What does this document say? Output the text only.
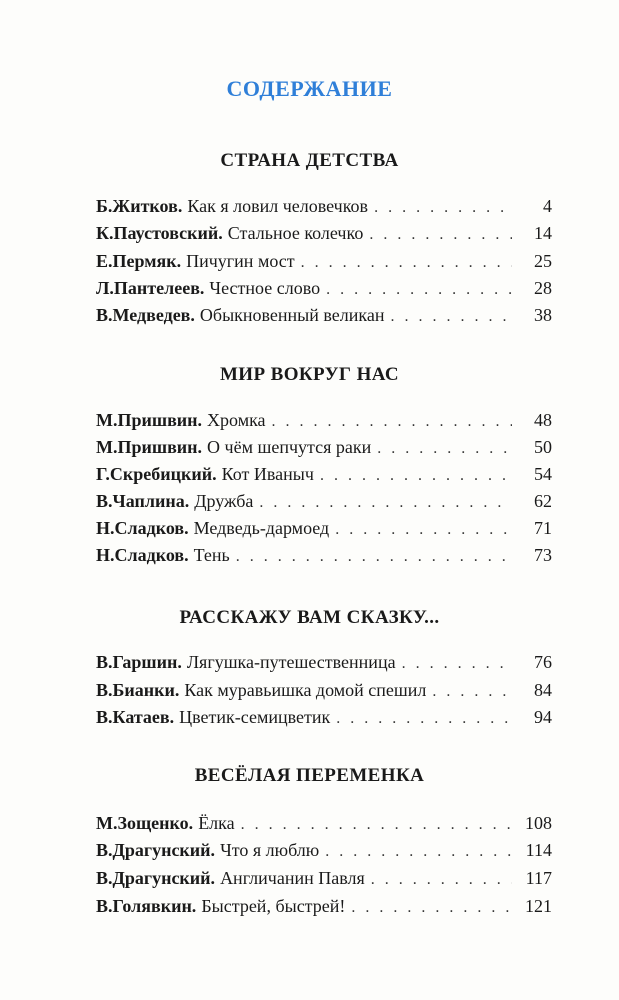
СОДЕРЖАНИЕ
СТРАНА ДЕТСТВА
Б.Житков. Как я ловил человечков . . .	4
К.Паустовский. Стальное колечко . . .	14
Е.Пермяк. Пичугин мост . . .	25
Л.Пантелеев. Честное слово . . .	28
В.Медведев. Обыкновенный великан . . .	38
МИР ВОКРУГ НАС
М.Пришвин. Хромка . . .	48
М.Пришвин. О чём шепчутся раки . . .	50
Г.Скребицкий. Кот Иваныч . . .	54
В.Чаплина. Дружба . . .	62
Н.Сладков. Медведь-дармоед . . .	71
Н.Сладков. Тень . . .	73
РАССКАЖУ ВАМ СКАЗКУ...
В.Гаршин. Лягушка-путешественница . . .	76
В.Бианки. Как муравьишка домой спешил . . .	84
В.Катаев. Цветик-семицветик . . .	94
ВЕСЁЛАЯ ПЕРЕМЕНКА
М.Зощенко. Ёлка . . .	108
В.Драгунский. Что я люблю . . .	114
В.Драгунский. Англичанин Павля . . .	117
В.Голявкин. Быстрей, быстрей! . . .	121
